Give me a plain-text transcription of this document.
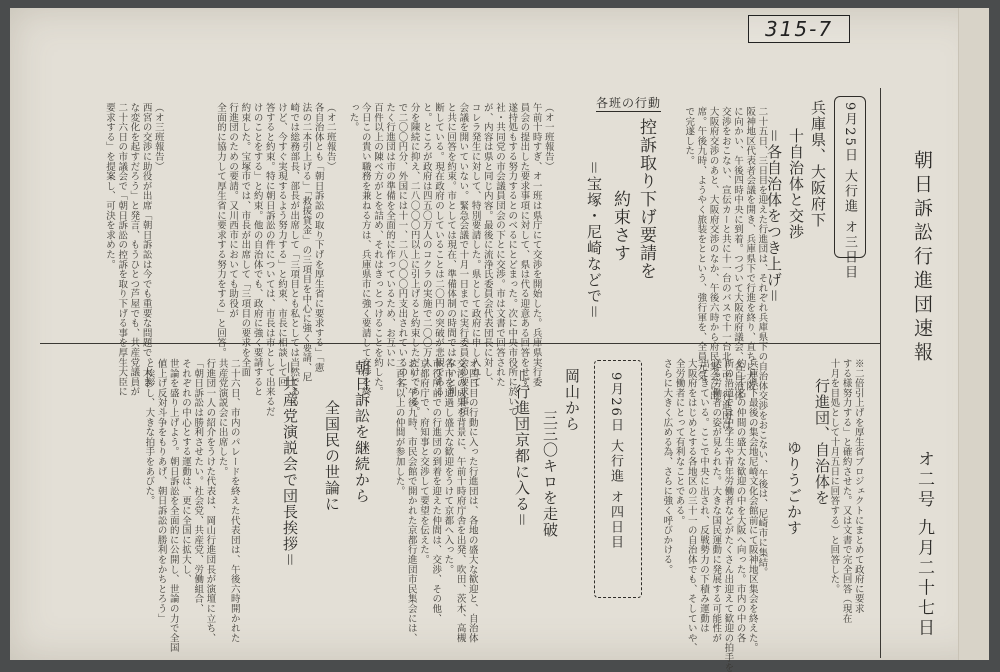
315-7
朝日訴訟行進団速報
オ二号 九月二十七日
9月25日 大行進 オ三日目
兵庫県、大阪府下
十自治体と交渉
＝各自治体をつき上げ＝

二十五日、三日目を迎えた行進団は、それぞれ兵庫県下の自治体交渉をおこない、午後は、尼崎市に集結。
阪神地区代表者会議を開き、兵庫県下で行進を終り、直ちに大阪
に向かい、午後四時中央に到着。つづいて大阪府府議会、各自治体
交渉をおこない、宣伝カーと共に十一台のバスで十一台北上中。行進団は、
大阪府交渉のあと、大阪府交渉のなか、午後六時から府民集会に出
席。午後九時、ようやく旅装をとという、強行軍を、全員元気
で完遂した。

各班の行動
控訴取り下げ要請を
約束さす
＝宝塚・尼崎などで＝

（オ一班報告）
午前十時すぎ、オ一班は県庁にて交渉を開始した。兵庫県実行委
員会の提出した要求事項に対して、県は代る迎意ある回答をせず、
遂持処もする努力するとのべるにとどまった。次に中央市役所に於いて、
社・共同党の市会議員団会の下とに交渉。市は文書で回答された
が、内容は県と同じ内容。最後に流浄氏委員会代表団長に対し、
コレラ発生に対して、特別要請した。県として政府に申し入れて
会議を開いていない。緊急会議で十月一日までに実行委員会の要求事項
と共に回答を約束。市としては現在、準備体制の時間ではないと判
断している。現在政府のしていることは二〇円の突破が悲観である
と。ところが政府は四五〇万人のコクラの実施で二〇〇万人
分を陳続に抑え、二八〇〇〇円以上に引上げると約束しただけである。
で二〇〇円分、外国には十一、二八〇〇〇円支出されているのに、
たく行進団は市の準備を全面的に作っているため、お互いに
百件以上の陳べ方がとを詰め、それはきっとつけることを約した。
今日この貴い職務を兼ねる方は、兵庫県市に強く要請して交渉を終
った。

（オ二班報告）
各自治体とも「朝日訴訟の取り下げを厚生省に要求する」「憲
法の二本引上げる」「救援貸金」の三項目を中心に強く要請、尼
崎では総務部長、部長が出席して「三項目とも私としては当然である
けど、今すぐ実現するよう努力する」と約束、市長に相談して回
答すると約束。特に朝日訴訟の件については、市長は市として出来るだ
けのことをする」と約束。他の自治体でも、政府に強く要請すると
約束した。宝塚市では、市長が出席して「三項目の要求を全面
行進団のための要請。又川西市においても助役が
全面的に協力して厚生省に要求する努力をする」と回答。

（オ三班報告）
西宮の交渉に助役が出席「朝日訴訟は今でも重要な問題で、大き
な変化を起すだろう」と発言、もうひとつ芦屋でも、共産党議員が
二十六日の市議会で「朝日訴訟の控訴を取り下げる事を厚生大臣に
要求する」を提案し、可決を求めた。

※二倍引上げを厚生省プロジェクトにまとめて政府に要求
する様努力する」と確約させた。又は文書で完全回答（現在
十月を目処として十月五日に回答する）と回答した。

行進団、自治体を
ゆりうごかす

兵庫県下最後の集会地尼崎文化会館前にて阪神地区集会を終えた。
約二千名の仲間の盛大な歓迎の中を大阪へ向った。市内の中の各
所の沿道では中学生や青年労働者などがたくさん出迎えて歓迎の拍手を
送る労働者の姿が見られた。大きな国民運動に発展する可能性が
出てきている。ここで中央に出され、反戦勢力の下積み運動は
大阪府をはじめとする各地区の三十一の自治体でも、そしていや、
全労働者にとって有利なことである。
さらに大きく広める為、さらに強く呼びかける。

9月26日 大行進 オ四日目
岡山から
三三〇キロを走破
＝行進団京都に入る＝

オ四日目の行動に入った行進団は、各地の盛大な歓迎と、自治体
交渉の成果を背景に、午前十時府庁舎を出発、吹田、茨木、高槻
各市を通過し盛大な歓迎をうけて京都へ入った。
市役所前での行進団の到着を迎えた仲間は、交渉、その他、
京都府庁で、府知事と交渉して要望を伝えた。
おり、午後九時、市民会館で開かれた京都行進団市民集会には、
二百名以上の仲間が参加した。

朝日訴訟を継続から
全国民の世論に
＝共産党演説会で団長挨拶＝

二十六日、市内のパレードを終えた代表団は、午後六時開かれた
共産党演説会に出席した。
行進団一人の紹介をうけた代表は、岡山行進団長が演壇に立ち、
「朝日訴訟は勝利させたい。社会党、共産党、労働組合、
それぞれの中心とする運動は、更に全国に拡大し、
世論を盛り上げよう。朝日訴訟を全面的に公開し、世論の力で全国
値上げ反対斗争をもりあげ、朝日訴訟の勝利をかちとろう」
と挨拶し、大きな拍手をあびた。
